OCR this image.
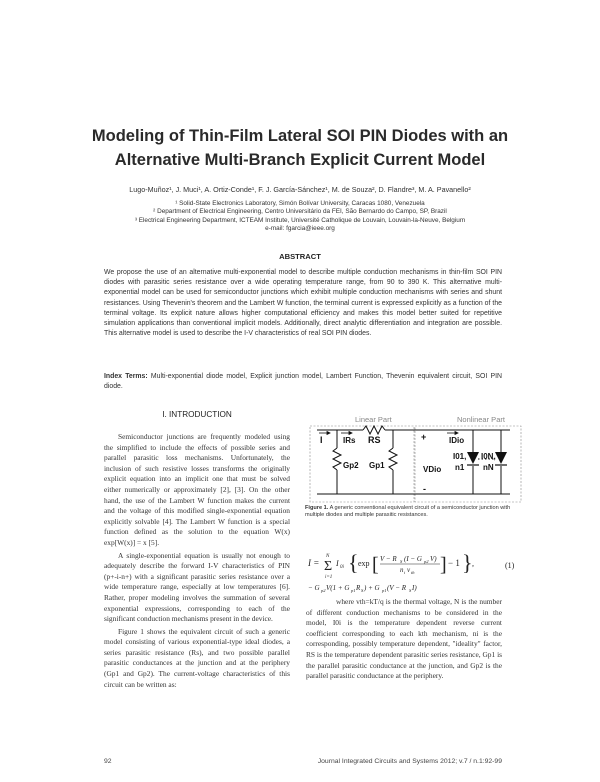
Modeling of Thin-Film Lateral SOI PIN Diodes with an
Alternative Multi-Branch Explicit Current Model
Lugo-Muñoz¹, J. Muci¹, A. Ortiz-Conde¹, F. J. García-Sánchez¹, M. de Souza², D. Flandre³, M. A. Pavanello²
¹ Solid-State Electronics Laboratory, Simón Bolívar University, Caracas 1080, Venezuela
² Department of Electrical Engineering, Centro Universitário da FEI, São Bernardo do Campo, SP, Brazil
³ Electrical Engineering Department, ICTEAM Institute, Université Catholique de Louvain, Louvain-la-Neuve, Belgium
e-mail: fgarcia@ieee.org
ABSTRACT
We propose the use of an alternative multi-exponential model to describe multiple conduction mechanisms in thin-film SOI PIN diodes with parasitic series resistance over a wide operating temperature range, from 90 to 390 K. This alternative multi-exponential model can be used for semiconductor junctions which exhibit multiple conduction mechanisms with series and shunt resistances. Using Thevenin's theorem and the Lambert W function, the terminal current is expressed explicitly as a function of the terminal voltage. Its explicit nature allows higher computational efficiency and makes this model better suited for repetitive simulation applications than conventional implicit models. Additionally, direct analytic differentiation and integration are possible. This alternative model is used to describe the I-V characteristics of real SOI PIN diodes.
Index Terms: Multi-exponential diode model, Explicit junction model, Lambert Function, Thevenin equivalent circuit, SOI PIN diode.
I. INTRODUCTION

Semiconductor junctions are frequently modeled using the simplified to include the effects of possible series and parallel parasitic loss mechanisms. Unfortunately, the inclusion of such resistive losses transforms the originally explicit equation into an implicit one that must be solved either numerically or approximately [2], [3]. On the other hand, the use of the Lambert W function makes the current and the voltage of this modified single-exponential equation explicitly solvable [4]. The Lambert W function is a special function defined as the solution to the equation W(x) exp[W(x)] = x [5].

A single-exponential equation is usually not enough to adequately describe the forward I-V characteristics of PIN (p+-i-n+) with a significant parasitic series resistance over a wide temperature range, especially at low temperatures [6]. Rather, proper modeling involves the summation of several exponential expressions, corresponding to each of the significant conduction mechanisms present in the device.

Figure 1 shows the equivalent circuit of such a generic model consisting of various exponential-type ideal diodes, a series parasitic resistance (Rs), and two possible parallel parasitic conductances at the junction and at the periphery (Gp1 and Gp2). The current-voltage characteristics of this circuit can be written as:

Linear Part	Nonlinear Part
I	IRs RS
Gp2 Gp1
+	IDio
VDio
-
I01,
n1
I0N,
nN
Figure 1. A generic conventional equivalent circuit of a semiconductor junction with multiple diodes and multiple parasitic resistances.
I = Σ
N
i=1
I 0i { exp [ V − R S (I − G p2 V)
n i v th ] − 1 } ,
− G p2 V(1 + G p1 R S ) + G p1 (V − R S I)
(1)

where vth=kT/q is the thermal voltage, N is the number of different conduction mechanisms to be considered in the model, I0i is the temperature dependent reverse current coefficient corresponding to each kth mechanism, ni is the corresponding, possibly temperature dependent, "ideality" factor, RS is the temperature dependent parasitic series resistance, Gp1 is the parallel parasitic conductance at the junction, and Gp2 is the parallel parasitic conductance at the periphery.

92	Journal Integrated Circuits and Systems 2012; v.7 / n.1:92-99
